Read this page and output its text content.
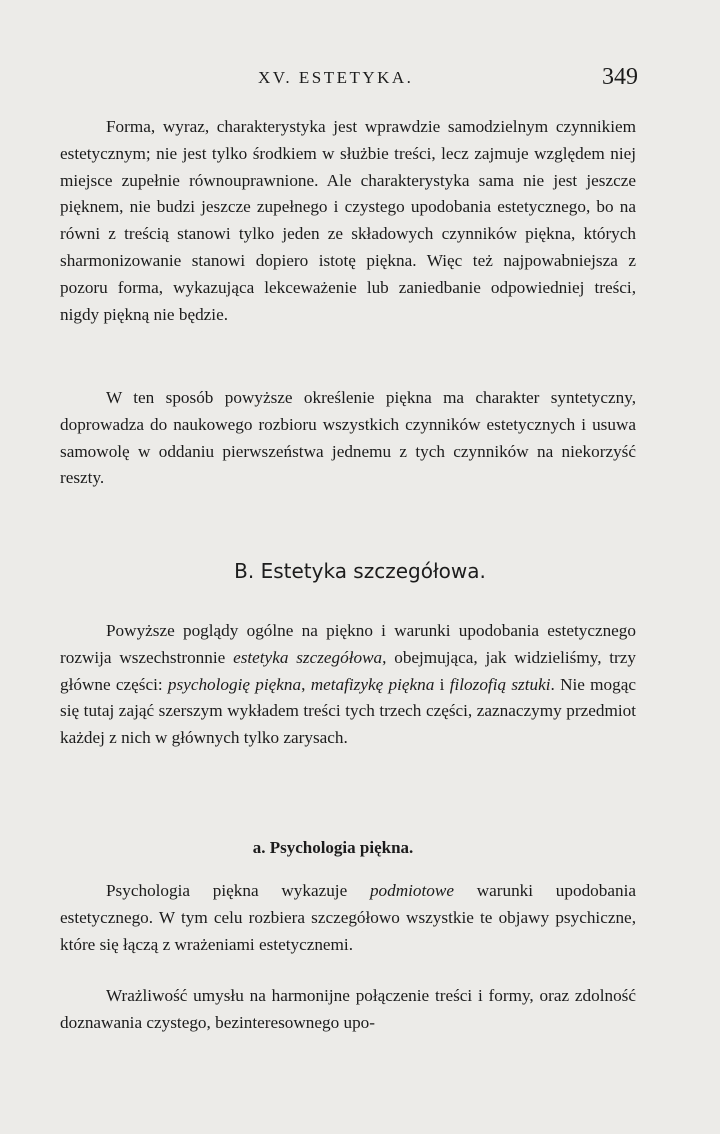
XV. ESTETYKA.	349

Forma, wyraz, charakterystyka jest wprawdzie samodzielnym czynnikiem estetycznym; nie jest tylko środkiem w służbie treści, lecz zajmuje względem niej miejsce zupełnie równouprawnione. Ale charakterystyka sama nie jest jeszcze pięknem, nie budzi jeszcze zupełnego i czystego upodobania estetycznego, bo na równi z treścią stanowi tylko jeden ze składowych czynników piękna, których sharmonizowanie stanowi dopiero istotę piękna. Więc też najpowabniejsza z pozoru forma, wykazująca lekceważenie lub zaniedbanie odpowiedniej treści, nigdy piękną nie będzie.

W ten sposób powyższe określenie piękna ma charakter syntetyczny, doprowadza do naukowego rozbioru wszystkich czynników estetycznych i usuwa samowolę w oddaniu pierwszeństwa jednemu z tych czynników na niekorzyść reszty.

B. Estetyka szczegółowa.

Powyższe poglądy ogólne na piękno i warunki upodobania estetycznego rozwija wszechstronnie estetyka szczegółowa, obejmująca, jak widzieliśmy, trzy główne części: psychologię piękna, metafizykę piękna i filozofią sztuki. Nie mogąc się tutaj zająć szerszym wykładem treści tych trzech części, zaznaczymy przedmiot każdej z nich w głównych tylko zarysach.

a. Psychologia piękna.

Psychologia piękna wykazuje podmiotowe warunki upodobania estetycznego. W tym celu rozbiera szczegółowo wszystkie te objawy psychiczne, które się łączą z wrażeniami estetycznemi.

Wrażliwość umysłu na harmonijne połączenie treści i formy, oraz zdolność doznawania czystego, bezinteresownego upo-
